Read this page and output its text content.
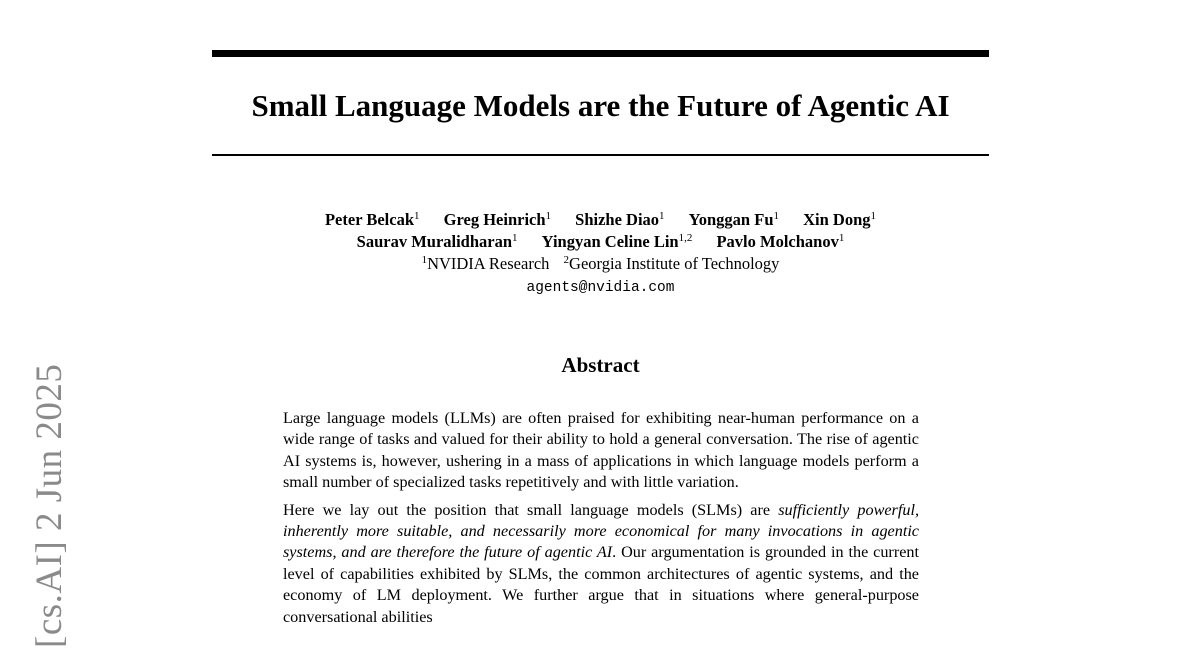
Small Language Models are the Future of Agentic AI
Peter Belcak$^1$ Greg Heinrich$^1$ Shizhe Diao$^1$ Yonggan Fu$^1$ Xin Dong$^1$
Saurav Muralidharan$^1$ Yingyan Celine Lin$^{1,2}$ Pavlo Molchanov$^1$
$^1$NVIDIA Research $^2$Georgia Institute of Technology
agents@nvidia.com
Abstract

Large language models (LLMs) are often praised for exhibiting near-human performance on a wide range of tasks and valued for their ability to hold a general conversation. The rise of agentic AI systems is, however, ushering in a mass of applications in which language models perform a small number of specialized tasks repetitively and with little variation.

Here we lay out the position that small language models (SLMs) are sufficiently powerful, inherently more suitable, and necessarily more economical for many invocations in agentic systems, and are therefore the future of agentic AI. Our argumentation is grounded in the current level of capabilities exhibited by SLMs, the common architectures of agentic systems, and the economy of LM deployment. We further argue that in situations where general-purpose conversational abilities

[cs.AI] 2 Jun 2025
